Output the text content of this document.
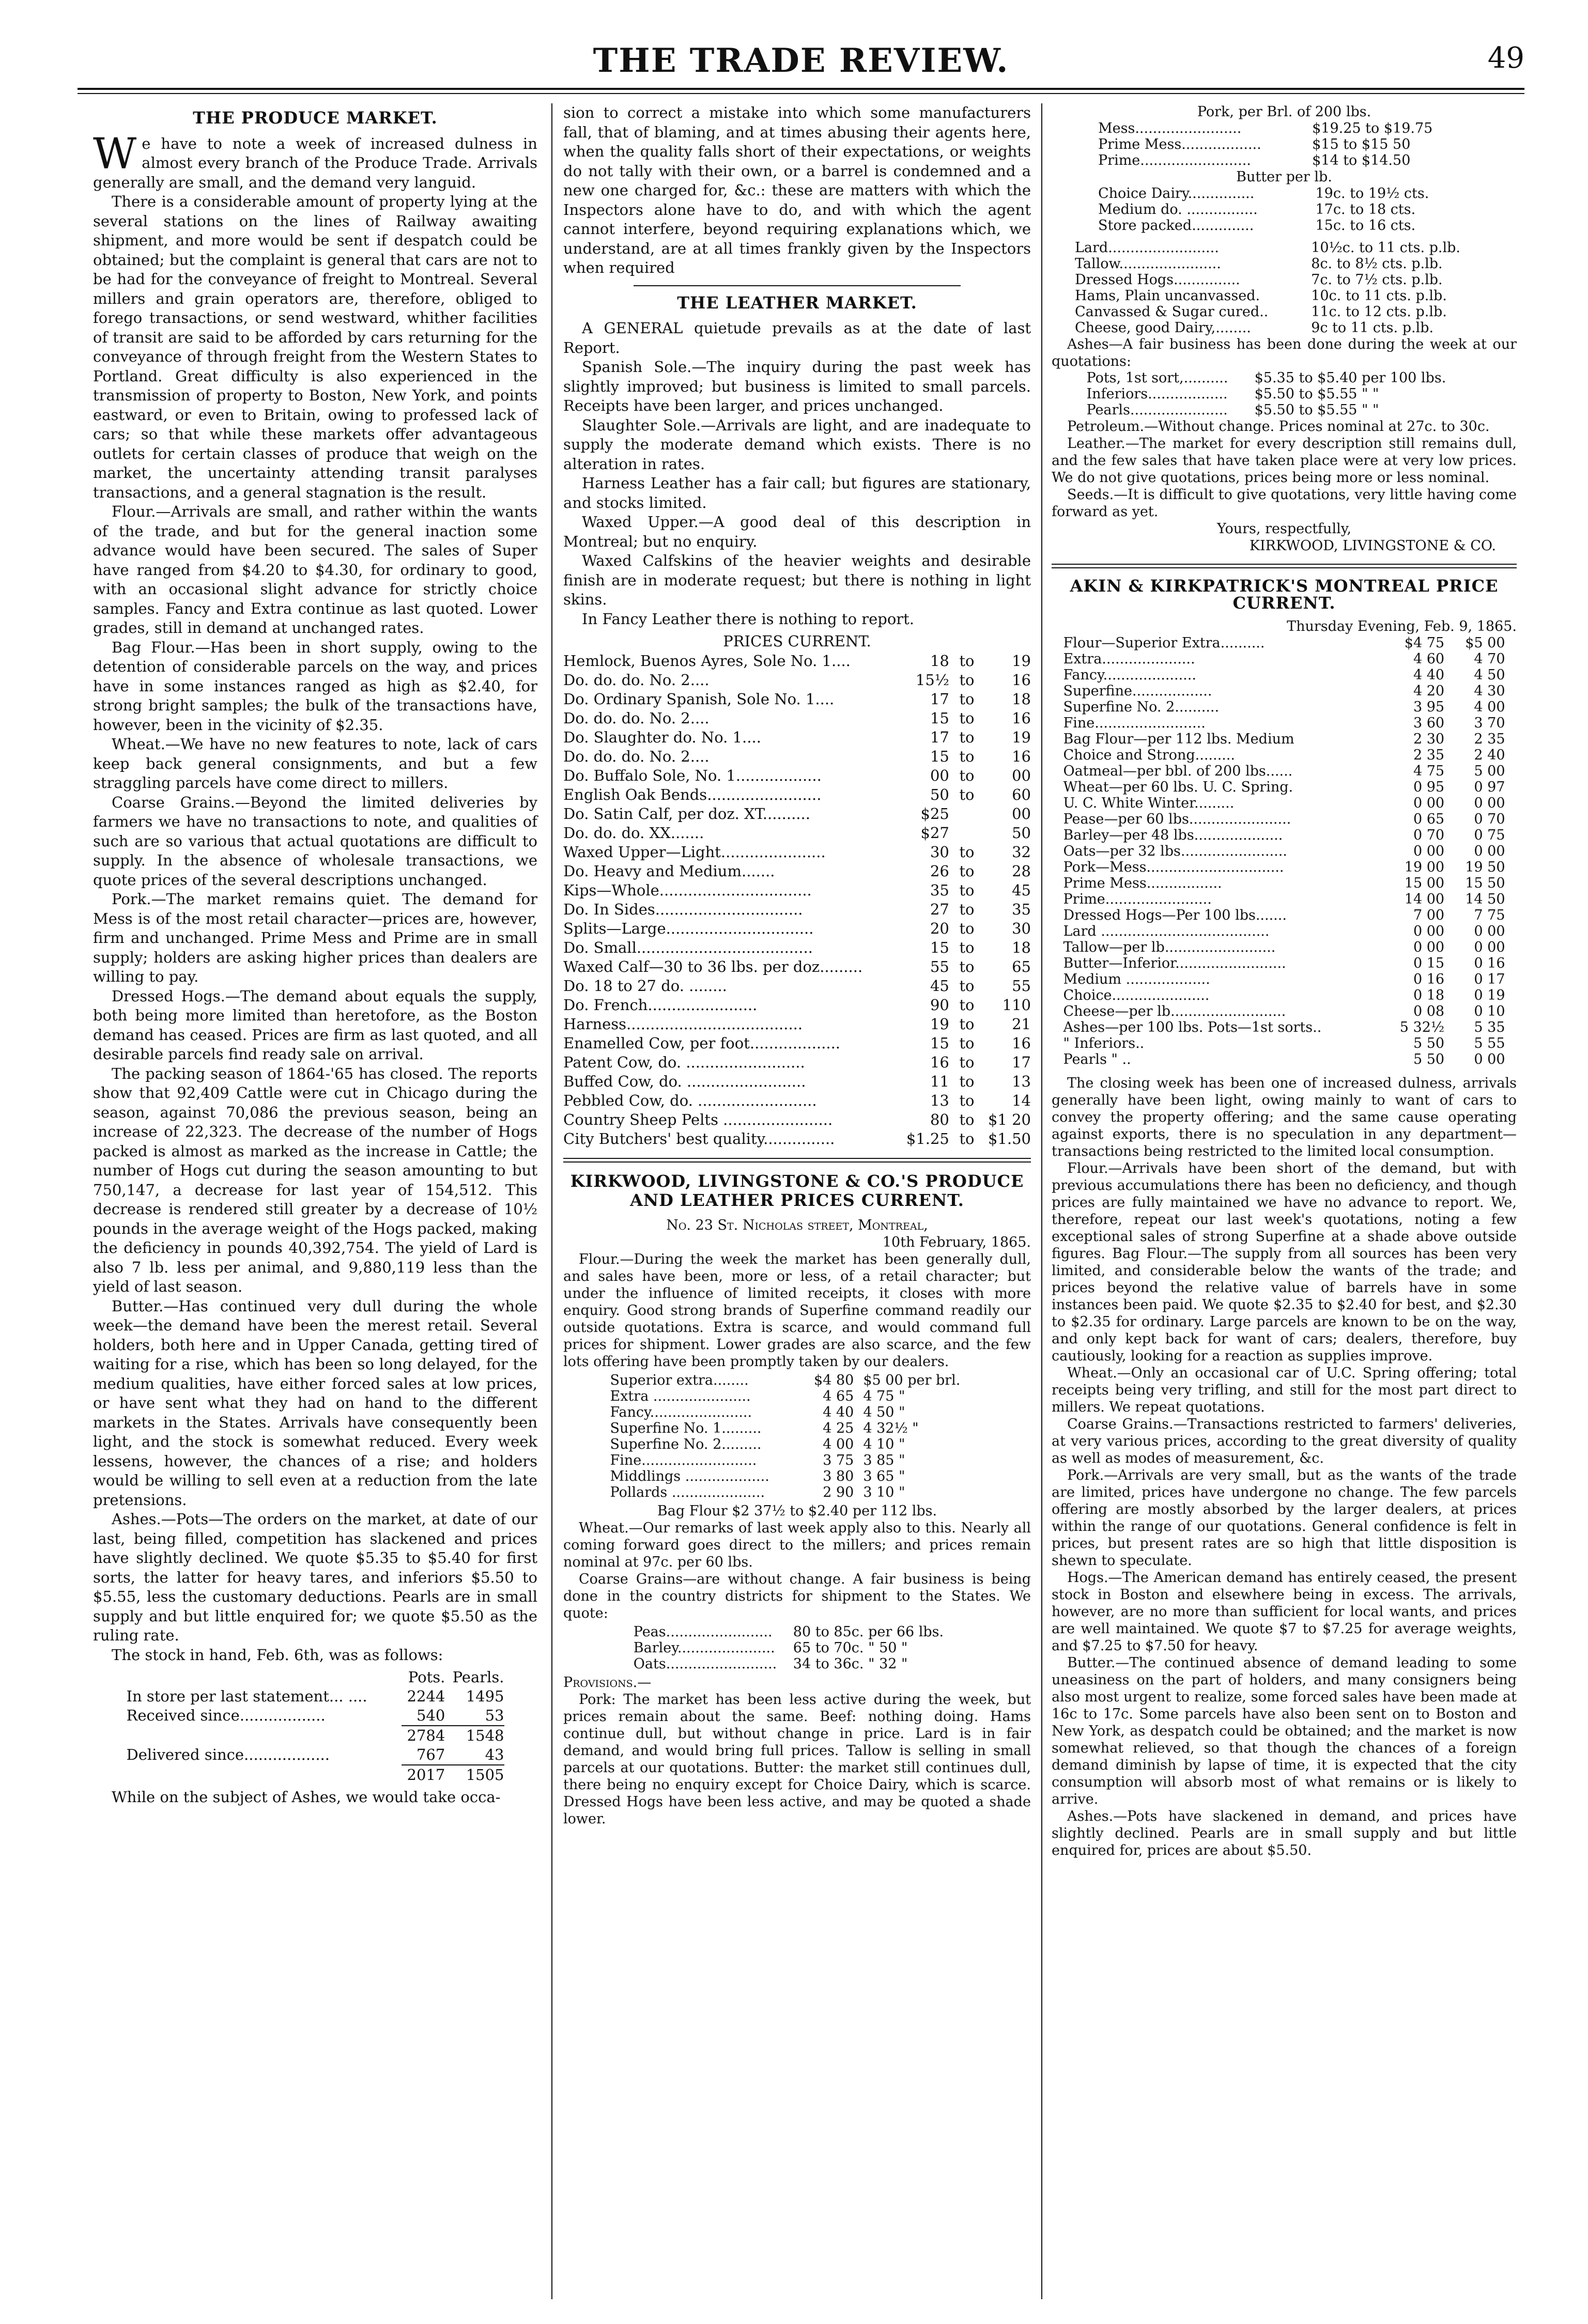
THE TRADE REVIEW.	49
THE PRODUCE MARKET.

We have to note a week of increased dulness in almost every branch of the Produce Trade. Arrivals generally are small, and the demand very languid.

There is a considerable amount of property lying at the several stations on the lines of Railway awaiting shipment, and more would be sent if despatch could be obtained; but the complaint is general that cars are not to be had for the conveyance of freight to Montreal. Several millers and grain operators are, therefore, obliged to forego transactions, or send westward, whither facilities of transit are said to be afforded by cars returning for the conveyance of through freight from the Western States to Portland. Great difficulty is also experienced in the transmission of property to Boston, New York, and points eastward, or even to Britain, owing to professed lack of cars; so that while these markets offer advantageous outlets for certain classes of produce that weigh on the market, the uncertainty attending transit paralyses transactions, and a general stagnation is the result.

Flour.—Arrivals are small, and rather within the wants of the trade, and but for the general inaction some advance would have been secured. The sales of Super have ranged from $4.20 to $4.30, for ordinary to good, with an occasional slight advance for strictly choice samples. Fancy and Extra continue as last quoted. Lower grades, still in demand at unchanged rates.

Bag Flour.—Has been in short supply, owing to the detention of considerable parcels on the way, and prices have in some instances ranged as high as $2.40, for strong bright samples; the bulk of the transactions have, however, been in the vicinity of $2.35.

Wheat.—We have no new features to note, lack of cars keep back general consignments, and but a few straggling parcels have come direct to millers.

Coarse Grains.—Beyond the limited deliveries by farmers we have no transactions to note, and qualities of such are so various that actual quotations are difficult to supply. In the absence of wholesale transactions, we quote prices of the several descriptions unchanged.

Pork.—The market remains quiet. The demand for Mess is of the most retail character—prices are, however, firm and unchanged. Prime Mess and Prime are in small supply; holders are asking higher prices than dealers are willing to pay.

Dressed Hogs.—The demand about equals the supply, both being more limited than heretofore, as the Boston demand has ceased. Prices are firm as last quoted, and all desirable parcels find ready sale on arrival.

The packing season of 1864-'65 has closed. The reports show that 92,409 Cattle were cut in Chicago during the season, against 70,086 the previous season, being an increase of 22,323. The decrease of the number of Hogs packed is almost as marked as the increase in Cattle; the number of Hogs cut during the season amounting to but 750,147, a decrease for last year of 154,512. This decrease is rendered still greater by a decrease of 10½ pounds in the average weight of the Hogs packed, making the deficiency in pounds 40,392,754. The yield of Lard is also 7 lb. less per animal, and 9,880,119 less than the yield of last season.

Butter.—Has continued very dull during the whole week—the demand have been the merest retail. Several holders, both here and in Upper Canada, getting tired of waiting for a rise, which has been so long delayed, for the medium qualities, have either forced sales at low prices, or have sent what they had on hand to the different markets in the States. Arrivals have consequently been light, and the stock is somewhat reduced. Every week lessens, however, the chances of a rise; and holders would be willing to sell even at a reduction from the late pretensions.

Ashes.—Pots—The orders on the market, at date of our last, being filled, competition has slackened and prices have slightly declined. We quote $5.35 to $5.40 for first sorts, the latter for heavy tares, and inferiors $5.50 to $5.55, less the customary deductions. Pearls are in small supply and but little enquired for; we quote $5.50 as the ruling rate.

The stock in hand, Feb. 6th, was as follows:

	Pots.	Pearls.
In store per last statement... ....	2244	1495
Received since..................	540	53
	2784	1548
Delivered since..................	767	43
	2017	1505

While on the subject of Ashes, we would take occa-

sion to correct a mistake into which some manufacturers fall, that of blaming, and at times abusing their agents here, when the quality falls short of their expectations, or weights do not tally with their own, or a barrel is condemned and a new one charged for, &c.: these are matters with which the Inspectors alone have to do, and with which the agent cannot interfere, beyond requiring explanations which, we understand, are at all times frankly given by the Inspectors when required

THE LEATHER MARKET.

A GENERAL quietude prevails as at the date of last Report.

Spanish Sole.—The inquiry during the past week has slightly improved; but business is limited to small parcels. Receipts have been larger, and prices unchanged.

Slaughter Sole.—Arrivals are light, and are inadequate to supply the moderate demand which exists. There is no alteration in rates.

Harness Leather has a fair call; but figures are stationary, and stocks limited.

Waxed Upper.—A good deal of this description in Montreal; but no enquiry.

Waxed Calfskins of the heavier weights and desirable finish are in moderate request; but there is nothing in light skins.

In Fancy Leather there is nothing to report.

PRICES CURRENT.
Hemlock, Buenos Ayres, Sole No. 1....	18	to	19
Do. do. do. No. 2....	15½	to	16
Do. Ordinary Spanish, Sole No. 1....	17	to	18
Do. do. do. No. 2....	15	to	16
Do. Slaughter do. No. 1....	17	to	19
Do. do. do. No. 2....	15	to	16
Do. Buffalo Sole, No. 1..................	00	to	00
English Oak Bends........................	50	to	60
Do. Satin Calf, per doz. XT..........	$25		00
Do. do. do. XX.......	$27		50
Waxed Upper—Light......................	30	to	32
Do. Heavy and Medium.......	26	to	28
Kips—Whole................................	35	to	45
Do. In Sides...............................	27	to	35
Splits—Large...............................	20	to	30
Do. Small.....................................	15	to	18
Waxed Calf—30 to 36 lbs. per doz.........	55	to	65
Do. 18 to 27 do. ........	45	to	55
Do. French.......................	90	to	110
Harness.....................................	19	to	21
Enamelled Cow, per foot...................	15	to	16
Patent Cow, do. .........................	16	to	17
Buffed Cow, do. .........................	11	to	13
Pebbled Cow, do. .........................	13	to	14
Country Sheep Pelts .......................	80	to	$1 20
City Butchers' best quality...............	$1.25	to	$1.50
KIRKWOOD, LIVINGSTONE & CO.'S PRODUCE AND LEATHER PRICES CURRENT.

No. 23 St. Nicholas street, Montreal,

10th February, 1865.

Flour.—During the week the market has been generally dull, and sales have been, more or less, of a retail character; but under the influence of limited receipts, it closes with more enquiry. Good strong brands of Superfine command readily our outside quotations. Extra is scarce, and would command full prices for shipment. Lower grades are also scarce, and the few lots offering have been promptly taken by our dealers.

Superior extra........	$4 80	$5 00 per brl.
Extra ......................	4 65	4 75 "
Fancy.......................	4 40	4 50 "
Superfine No. 1.........	4 25	4 32½ "
Superfine No. 2.........	4 00	4 10 "
Fine..........................	3 75	3 85 "
Middlings ...................	3 80	3 65 "
Pollards .....................	2 90	3 10 "

Bag Flour $2 37½ to $2.40 per 112 lbs.

Wheat.—Our remarks of last week apply also to this. Nearly all coming forward goes direct to the millers; and prices remain nominal at 97c. per 60 lbs.

Coarse Grains—are without change. A fair business is being done in the country districts for shipment to the States. We quote:

Peas........................	80 to 85c. per 66 lbs.
Barley......................	65 to 70c. " 50 "
Oats.........................	34 to 36c. " 32 "

Provisions.—

Pork: The market has been less active during the week, but prices remain about the same. Beef: nothing doing. Hams continue dull, but without change in price. Lard is in fair demand, and would bring full prices. Tallow is selling in small parcels at our quotations. Butter: the market still continues dull, there being no enquiry except for Choice Dairy, which is scarce. Dressed Hogs have been less active, and may be quoted a shade lower.

Pork, per Brl. of 200 lbs.

Mess........................	$19.25 to $19.75
Prime Mess..................	$15 to $15 50
Prime.........................	$14 to $14.50

Butter per lb.

Choice Dairy...............	19c. to 19½ cts.
Medium do. ................	17c. to 18 cts.
Store packed..............	15c. to 16 cts.
Lard.........................	10½c. to 11 cts. p.lb.
Tallow.......................	8c. to 8½ cts. p.lb.
Dressed Hogs...............	7c. to 7½ cts. p.lb.
Hams, Plain uncanvassed.	10c. to 11 cts. p.lb.
Canvassed & Sugar cured..	11c. to 12 cts. p.lb.
Cheese, good Dairy,........	9c to 11 cts. p.lb.

Ashes—A fair business has been done during the week at our quotations:

Pots, 1st sort,..........	$5.35 to $5.40 per 100 lbs.
Inferiors..................	$5.50 to $5.55 " "
Pearls......................	$5.50 to $5.55 " "

Petroleum.—Without change. Prices nominal at 27c. to 30c.

Leather.—The market for every description still remains dull, and the few sales that have taken place were at very low prices. We do not give quotations, prices being more or less nominal.

Seeds.—It is difficult to give quotations, very little having come forward as yet.

Yours, respectfully,

KIRKWOOD, LIVINGSTONE & CO.

AKIN & KIRKPATRICK'S MONTREAL PRICE CURRENT.

Thursday Evening, Feb. 9, 1865.

Flour—Superior Extra..........	$4 75	$5 00
Extra.....................	4 60	4 70
Fancy.....................	4 40	4 50
Superfine..................	4 20	4 30
Superfine No. 2..........	3 95	4 00
Fine.........................	3 60	3 70
Bag Flour—per 112 lbs. Medium	2 30	2 35
Choice and Strong.........	2 35	2 40
Oatmeal—per bbl. of 200 lbs......	4 75	5 00
Wheat—per 60 lbs. U. C. Spring.	0 95	0 97
U. C. White Winter.........	0 00	0 00
Pease—per 60 lbs.......................	0 65	0 70
Barley—per 48 lbs....................	0 70	0 75
Oats—per 32 lbs........................	0 00	0 00
Pork—Mess...............................	19 00	19 50
Prime Mess.................	15 00	15 50
Prime........................	14 00	14 50
Dressed Hogs—Per 100 lbs.......	7 00	7 75
Lard ......................................	0 00	0 00
Tallow—per lb.........................	0 00	0 00
Butter—Inferior.........................	0 15	0 16
Medium ...................	0 16	0 17
Choice......................	0 18	0 19
Cheese—per lb..........................	0 08	0 10
Ashes—per 100 lbs. Pots—1st sorts..	5 32½	5 35
" Inferiors..	5 50	5 55
Pearls " ..	5 50	0 00

The closing week has been one of increased dulness, arrivals generally have been light, owing mainly to want of cars to convey the property offering; and the same cause operating against exports, there is no speculation in any department—transactions being restricted to the limited local consumption.

Flour.—Arrivals have been short of the demand, but with previous accumulations there has been no deficiency, and though prices are fully maintained we have no advance to report. We, therefore, repeat our last week's quotations, noting a few exceptional sales of strong Superfine at a shade above outside figures. Bag Flour.—The supply from all sources has been very limited, and considerable below the wants of the trade; and prices beyond the relative value of barrels have in some instances been paid. We quote $2.35 to $2.40 for best, and $2.30 to $2.35 for ordinary. Large parcels are known to be on the way, and only kept back for want of cars; dealers, therefore, buy cautiously, looking for a reaction as supplies improve.

Wheat.—Only an occasional car of U.C. Spring offering; total receipts being very trifling, and still for the most part direct to millers. We repeat quotations.

Coarse Grains.—Transactions restricted to farmers' deliveries, at very various prices, according to the great diversity of quality as well as modes of measurement, &c.

Pork.—Arrivals are very small, but as the wants of the trade are limited, prices have undergone no change. The few parcels offering are mostly absorbed by the larger dealers, at prices within the range of our quotations. General confidence is felt in prices, but present rates are so high that little disposition is shewn to speculate.

Hogs.—The American demand has entirely ceased, the present stock in Boston and elsewhere being in excess. The arrivals, however, are no more than sufficient for local wants, and prices are well maintained. We quote $7 to $7.25 for average weights, and $7.25 to $7.50 for heavy.

Butter.—The continued absence of demand leading to some uneasiness on the part of holders, and many consigners being also most urgent to realize, some forced sales have been made at 16c to 17c. Some parcels have also been sent on to Boston and New York, as despatch could be obtained; and the market is now somewhat relieved, so that though the chances of a foreign demand diminish by lapse of time, it is expected that the city consumption will absorb most of what remains or is likely to arrive.

Ashes.—Pots have slackened in demand, and prices have slightly declined. Pearls are in small supply and but little enquired for, prices are about $5.50.
